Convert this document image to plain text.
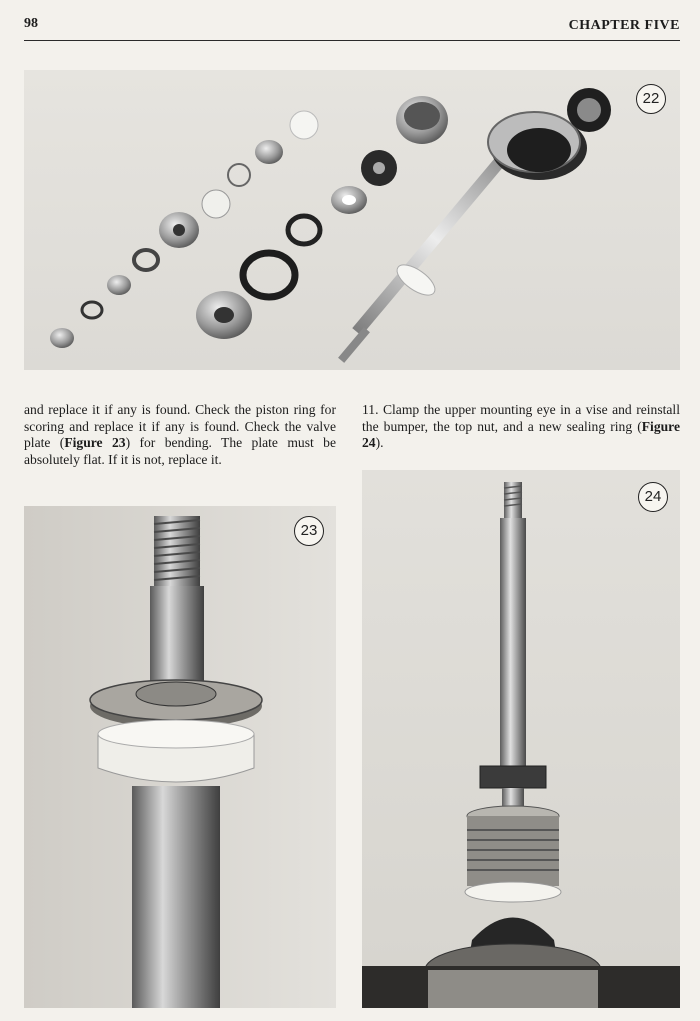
98	CHAPTER FIVE
22
and replace it if any is found. Check the piston ring for scoring and replace it if any is found. Check the valve plate (Figure 23) for bending. The plate must be absolutely flat. If it is not, replace it.
11. Clamp the upper mounting eye in a vise and reinstall the bumper, the top nut, and a new sealing ring (Figure 24).
23
24
